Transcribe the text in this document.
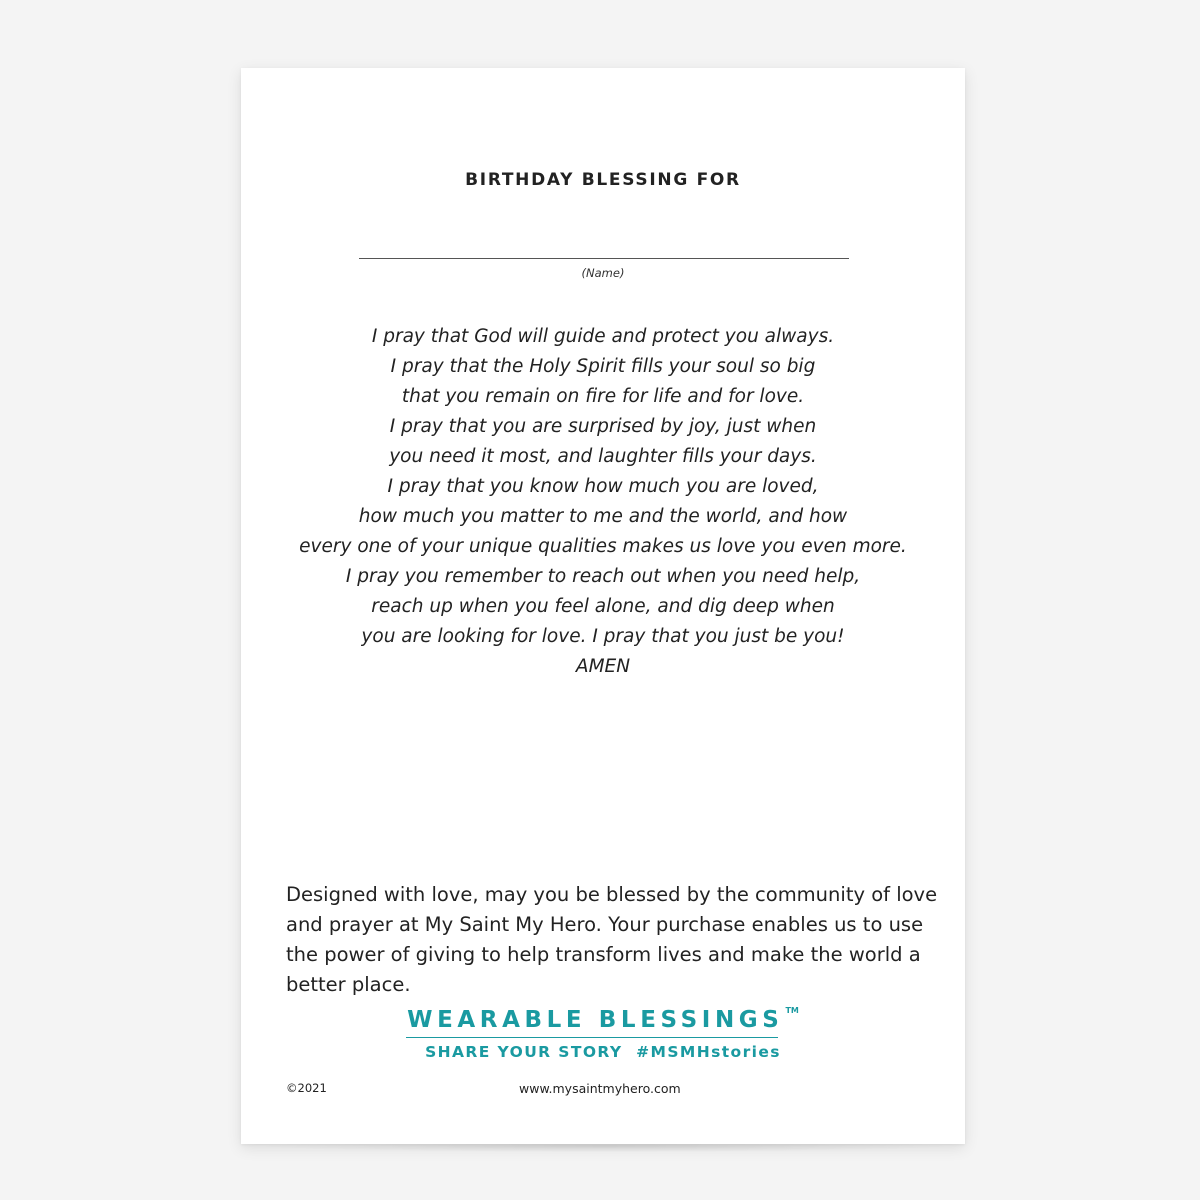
BIRTHDAY BLESSING FOR
(Name)
I pray that God will guide and protect you always.
I pray that the Holy Spirit fills your soul so big
that you remain on fire for life and for love.
I pray that you are surprised by joy, just when
you need it most, and laughter fills your days.
I pray that you know how much you are loved,
how much you matter to me and the world, and how
every one of your unique qualities makes us love you even more.
I pray you remember to reach out when you need help,
reach up when you feel alone, and dig deep when
you are looking for love. I pray that you just be you!
AMEN
Designed with love, may you be blessed by the community of love
and prayer at My Saint My Hero. Your purchase enables us to use
the power of giving to help transform lives and make the world a
better place.
WEARABLE BLESSINGS ™
SHARE YOUR STORY  #MSMHstories
©2021	www.mysaintmyhero.com
